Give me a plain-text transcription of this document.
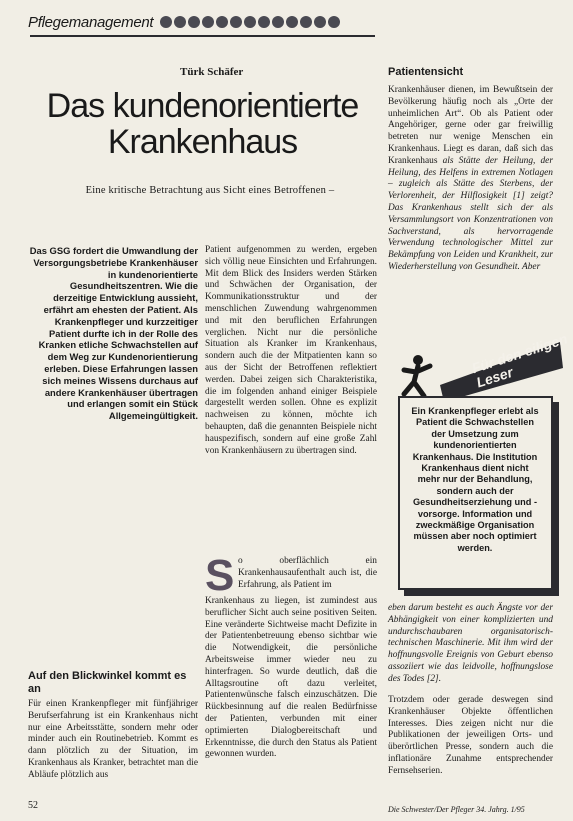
Pflegemanagement
Türk Schäfer
Das kundenorientierte
Krankenhaus
Eine kritische Betrachtung aus Sicht eines Betroffenen –

Das GSG fordert die Umwandlung der Versorgungsbetriebe Krankenhäuser in kundenorientierte Gesundheitszentren. Wie die derzeitige Entwicklung aussieht, erfährt am ehesten der Patient. Als Krankenpfleger und kurzzeitiger Patient durfte ich in der Rolle des Kranken etliche Schwachstellen auf dem Weg zur Kundenorientierung erleben. Diese Erfahrungen lassen sich meines Wissens durchaus auf andere Krankenhäuser übertragen und erlangen somit ein Stück Allgemeingültigkeit.

Patient aufgenommen zu werden, ergeben sich völlig neue Einsichten und Erfahrungen. Mit dem Blick des Insiders werden Stärken und Schwächen der Organisation, der Kommunikationsstruktur und der menschlichen Zuwendung wahrgenommen und mit den beruflichen Erfahrungen verglichen. Nicht nur die persönliche Situation als Kranker im Krankenhaus, sondern auch die der Mitpatienten kann so aus der Sicht der Betroffenen reflektiert werden. Dabei zeigen sich Charakteristika, die im folgenden anhand einiger Beispiele dargestellt werden sollen. Ohne es explizit nachweisen zu können, möchte ich behaupten, daß die genannten Beispiele nicht hauspezifisch, sondern auf eine große Zahl von Krankenhäusern zu übertragen sind.

S o oberflächlich ein Krankenhausaufenthalt auch ist, die Erfahrung, als Patient im

Krankenhaus zu liegen, ist zumindest aus beruflicher Sicht auch seine positiven Seiten. Eine veränderte Sichtweise macht Defizite in der Patientenbetreuung ebenso sichtbar wie die Notwendigkeit, die persönliche Arbeitsweise immer wieder neu zu hinterfragen. So wurde deutlich, daß die Alltagsroutine oft dazu verleitet, Patientenwünsche falsch einzuschätzen. Die Rückbesinnung auf die realen Bedürfnisse der Patienten, verbunden mit einer optimierten Dialogbereitschaft und Erkenntnisse, die durch den Status als Patient gewonnen wurden.

Auf den Blickwinkel kommt es an

Für einen Krankenpfleger mit fünfjähriger Berufserfahrung ist ein Krankenhaus nicht nur eine Arbeitsstätte, sondern mehr oder minder auch ein Routinebetrieb. Kommt es dann plötzlich zu der Situation, im Krankenhaus als Kranker, betrachtet man die Abläufe plötzlich aus

Patientensicht

Krankenhäuser dienen, im Bewußtsein der Bevölkerung häufig noch als „Orte der unheimlichen Art“. Ob als Patient oder Angehöriger, gerne oder gar freiwillig betreten nur wenige Menschen ein Krankenhaus. Liegt es daran, daß sich das Krankenhaus als Stätte der Heilung, der Heilung, des Helfens in extremen Notlagen – zugleich als Stätte des Sterbens, der Verlorenheit, der Hilflosigkeit [1] zeigt? Das Krankenhaus stellt sich der als Versammlungsort von Konzentrationen von Sachverstand, als hervorragende Verwendung technologischer Mittel zur Bekämpfung von Leiden und Krankheit, zur Wiederherstellung von Gesundheit. Aber

Für den eiligen Leser

Ein Krankenpfleger erlebt als Patient die Schwachstellen der Umsetzung zum kundenorientierten Krankenhaus. Die Institution Krankenhaus dient nicht mehr nur der Behandlung, sondern auch der Gesundheitserziehung und -vorsorge. Information und zweckmäßige Organisation müssen aber noch optimiert werden.

eben darum besteht es auch Ängste vor der Abhängigkeit von einer komplizierten und undurchschaubaren organisatorisch-technischen Maschinerie. Mit ihm wird der hoffnungsvolle Ereignis von Geburt ebenso assoziiert wie das leidvolle, hoffnungslose des Todes [2].

Trotzdem oder gerade deswegen sind Krankenhäuser Objekte öffentlichen Interesses. Dies zeigen nicht nur die Publikationen der jeweiligen Orts- und überörtlichen Presse, sondern auch die inflationäre Zunahme entsprechender Fernsehserien.

52	Die Schwester/Der Pfleger 34. Jahrg. 1/95
